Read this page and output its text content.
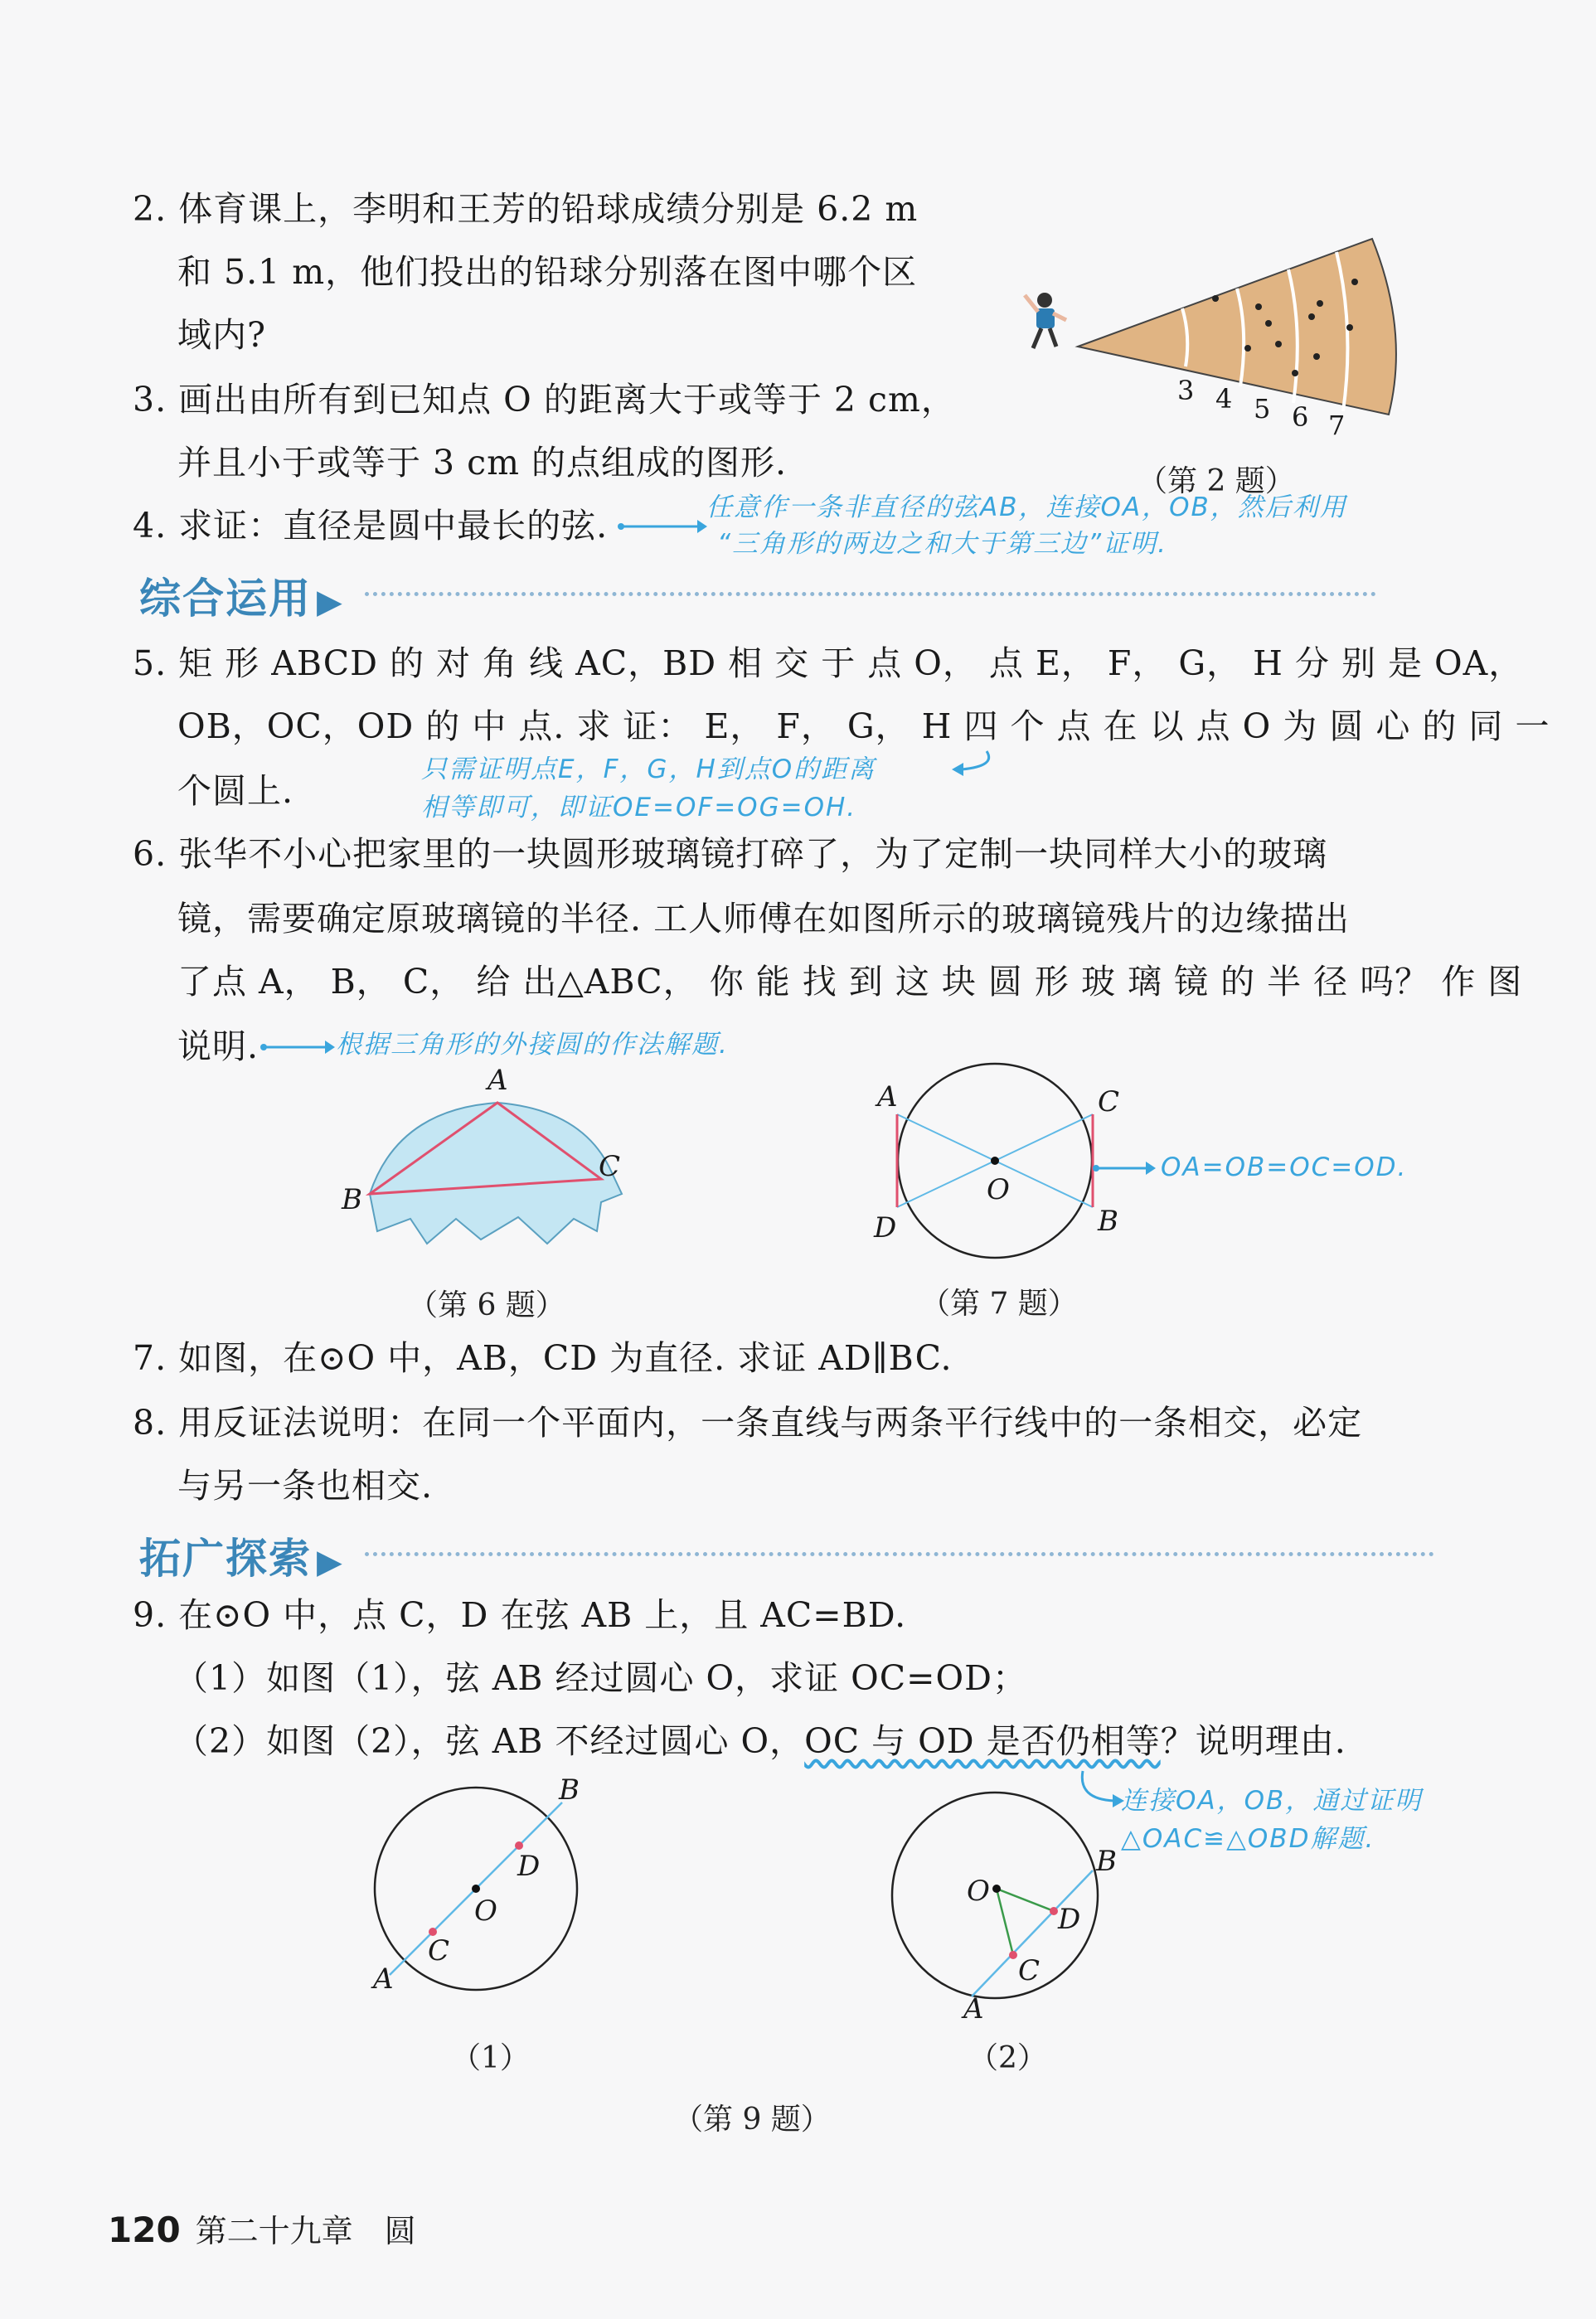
2. 体育课上，李明和王芳的铅球成绩分别是 6.2 m
和 5.1 m，他们投出的铅球分别落在图中哪个区
域内?
3 4 5 6 7
（第 2 题）
3. 画出由所有到已知点 O 的距离大于或等于 2 cm，
并且小于或等于 3 cm 的点组成的图形.
4. 求证：直径是圆中最长的弦.	任意作一条非直径的弦AB，连接OA，OB，然后利用
“三角形的两边之和大于第三边”证明.
综合运用 ▶
5. 矩 形 ABCD 的 对 角 线 AC，BD 相 交 于 点 O， 点 E， F， G， H 分 别 是 OA，
OB，OC，OD 的 中 点. 求 证： E， F， G， H 四 个 点 在 以 点 O 为 圆 心 的 同 一
个圆上.
只需证明点E，F，G，H到点O的距离
相等即可，即证OE=OF=OG=OH.
6. 张华不小心把家里的一块圆形玻璃镜打碎了，为了定制一块同样大小的玻璃
镜，需要确定原玻璃镜的半径. 工人师傅在如图所示的玻璃镜残片的边缘描出
了点 A， B， C， 给 出△ABC， 你 能 找 到 这 块 圆 形 玻 璃 镜 的 半 径 吗？ 作 图
说明.	根据三角形的外接圆的作法解题.
A
B
C
（第 6 题）
A	C
O
D	B
OA=OB=OC=OD.
（第 7 题）
7. 如图，在⊙O 中，AB，CD 为直径. 求证 AD∥BC.
8. 用反证法说明：在同一个平面内，一条直线与两条平行线中的一条相交，必定
与另一条也相交.
拓广探索 ▶
9. 在⊙O 中，点 C，D 在弦 AB 上，且 AC=BD.
（1）如图（1），弦 AB 经过圆心 O，求证 OC=OD；
（2）如图（2），弦 AB 不经过圆心 O，OC 与 OD 是否仍相等？说明理由.
连接OA，OB，通过证明
△OAC≌△OBD解题.
B
D
O
C
A
（1）
O
B
D
C
A
（2）
（第 9 题）
120 第二十九章　圆
